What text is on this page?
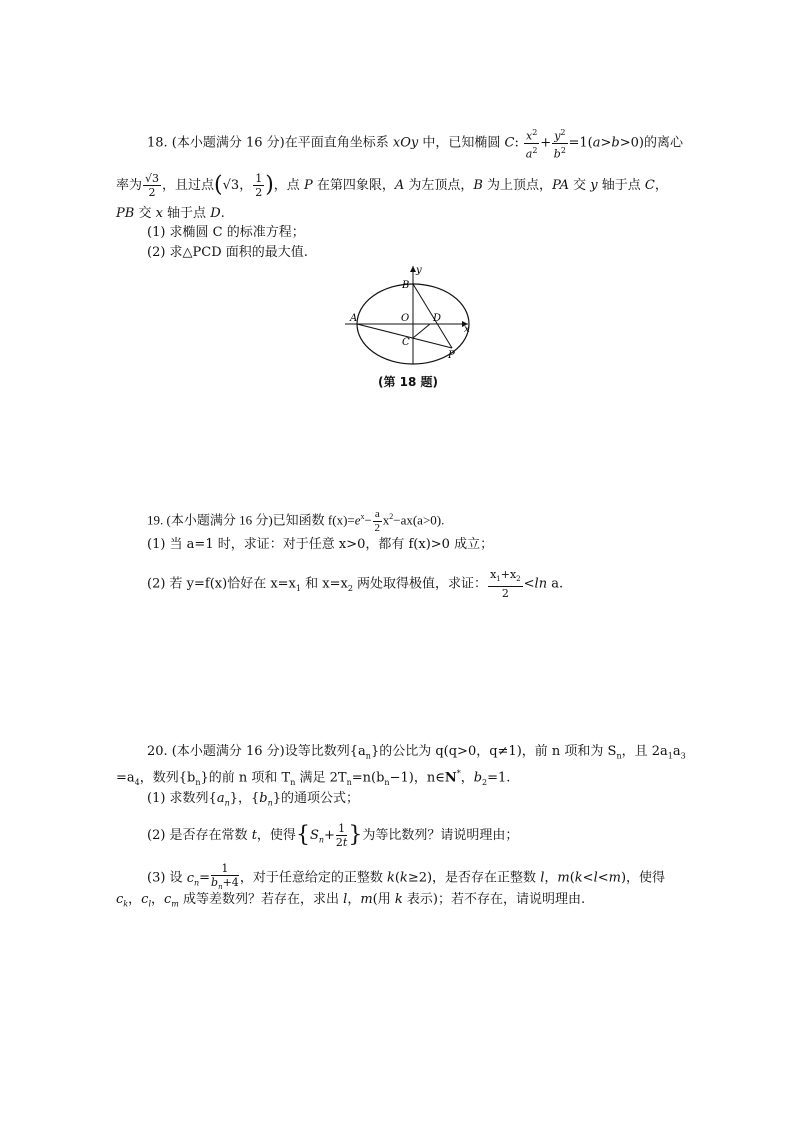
18. (本小题满分 16 分)在平面直角坐标系 xOy 中，已知椭圆 C: $\frac{x^2}{a^2} + \frac{y^2}{b^2} =1(a>b>0)$的离心
率为 $\frac{√3}{2}$ ，且过点(√3， $\frac{1}{2}$ )，点 P 在第四象限，A 为左顶点，B 为上顶点，PA 交 y 轴于点 C，
PB 交 x 轴于点 D.
(1) 求椭圆 C 的标准方程；
(2) 求△PCD 面积的最大值.
B
y
A	O D
x
C
P
(第 18 题)
19. (本小题满分 16 分)已知函数 $f(x)=e^x- \frac{a}{2} x^2-ax(a>0)$.
(1) 当 a=1 时，求证：对于任意 x>0，都有 f(x)>0 成立；
(2) 若 y=f(x)恰好在 $x=x_1$ 和 $x=x_2$ 两处取得极值，求证： $\frac{x_1+x_2}{2} <\ln$ a.
20. (本小题满分 16 分)设等比数列$\{a_n\}$的公比为 q(q>0，q≠1)，前 n 项和为 $S_n$，且 $2a_1a_3$
$=a_4$，数列$\{b_n\}$的前 n 项和 $T_n$ 满足 $2T_n=n(b_n-1)$，n∈N*，$b_2=1$.
(1) 求数列$\{a_n\}$，$\{b_n\}$的通项公式；
(2) 是否存在常数 t，使得{$S_n+ \frac{1}{2t}$ }为等比数列？请说明理由；
(3) 设 $c_n= \frac{1}{b_n+4}$ ，对于任意给定的正整数 k(k≥2)，是否存在正整数 l，m(k<l<m)，使得
$c_k$，$c_l$，$c_m$ 成等差数列？若存在，求出 l，m(用 k 表示)；若不存在，请说明理由.
